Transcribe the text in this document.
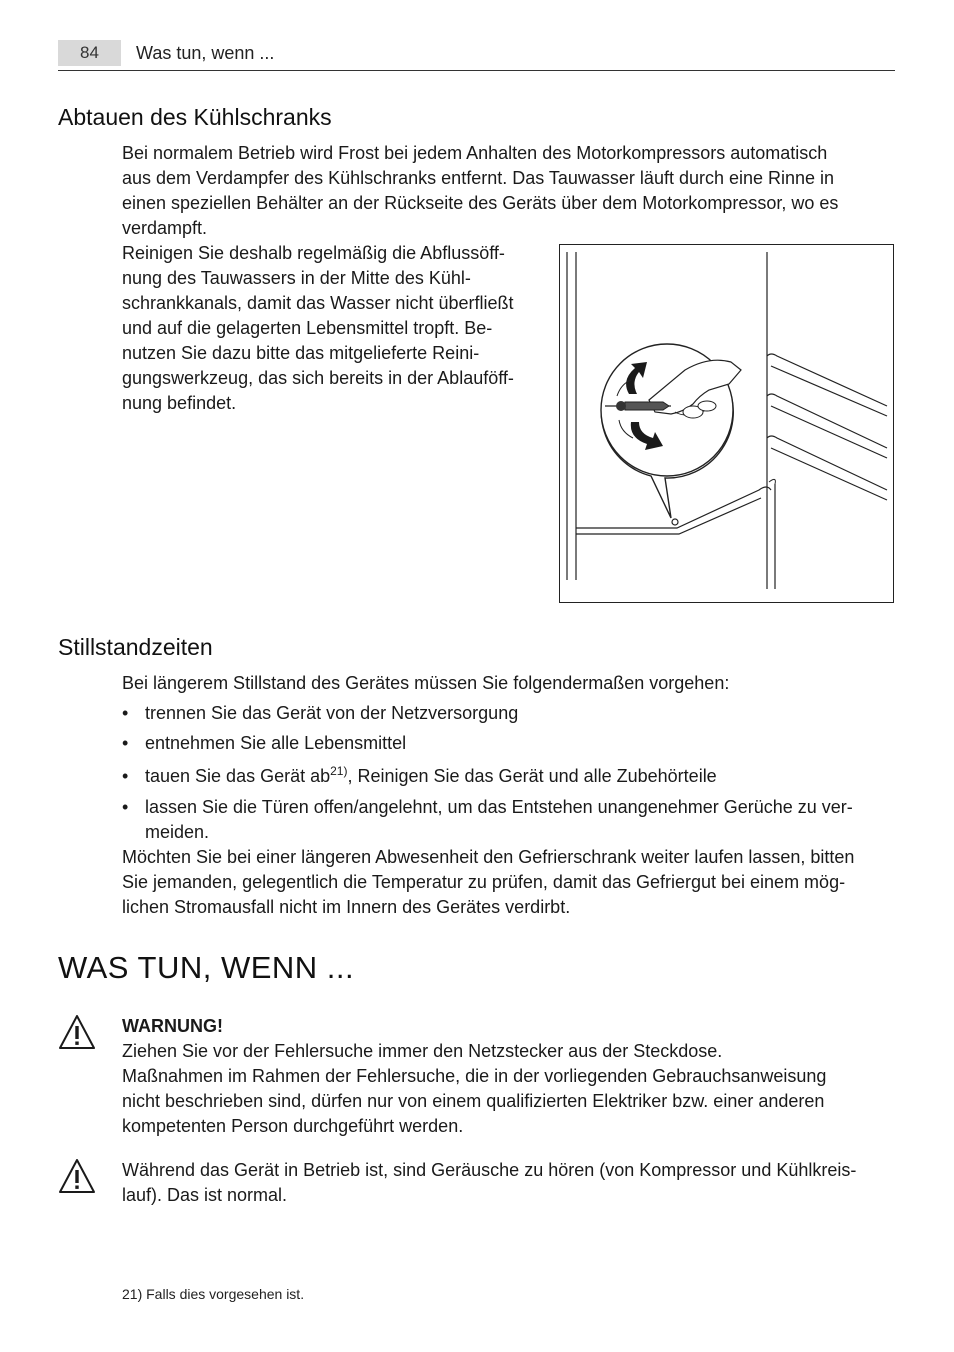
84	Was tun, wenn ...
Abtauen des Kühlschranks
Bei normalem Betrieb wird Frost bei jedem Anhalten des Motorkompressors automatisch
aus dem Verdampfer des Kühlschranks entfernt. Das Tauwasser läuft durch eine Rinne in
einen speziellen Behälter an der Rückseite des Geräts über dem Motorkompressor, wo es
verdampft.
Reinigen Sie deshalb regelmäßig die Abflussöff-
nung des Tauwassers in der Mitte des Kühl-
schrankkanals, damit das Wasser nicht überfließt
und auf die gelagerten Lebensmittel tropft. Be-
nutzen Sie dazu bitte das mitgelieferte Reini-
gungswerkzeug, das sich bereits in der Ablauföff-
nung befindet.
Stillstandzeiten
Bei längerem Stillstand des Gerätes müssen Sie folgendermaßen vorgehen:
• trennen Sie das Gerät von der Netzversorgung
• entnehmen Sie alle Lebensmittel
• tauen Sie das Gerät $ab^{21)}$, Reinigen Sie das Gerät und alle Zubehörteile
• lassen Sie die Türen offen/angelehnt, um das Entstehen unangenehmer Gerüche zu ver-
meiden.
Möchten Sie bei einer längeren Abwesenheit den Gefrierschrank weiter laufen lassen, bitten
Sie jemanden, gelegentlich die Temperatur zu prüfen, damit das Gefriergut bei einem mög-
lichen Stromausfall nicht im Innern des Gerätes verdirbt.
WAS TUN, WENN ...
WARNUNG!
Ziehen Sie vor der Fehlersuche immer den Netzstecker aus der Steckdose.
Maßnahmen im Rahmen der Fehlersuche, die in der vorliegenden Gebrauchsanweisung
nicht beschrieben sind, dürfen nur von einem qualifizierten Elektriker bzw. einer anderen
kompetenten Person durchgeführt werden.
Während das Gerät in Betrieb ist, sind Geräusche zu hören (von Kompressor und Kühlkreis-
lauf). Das ist normal.
21) Falls dies vorgesehen ist.
